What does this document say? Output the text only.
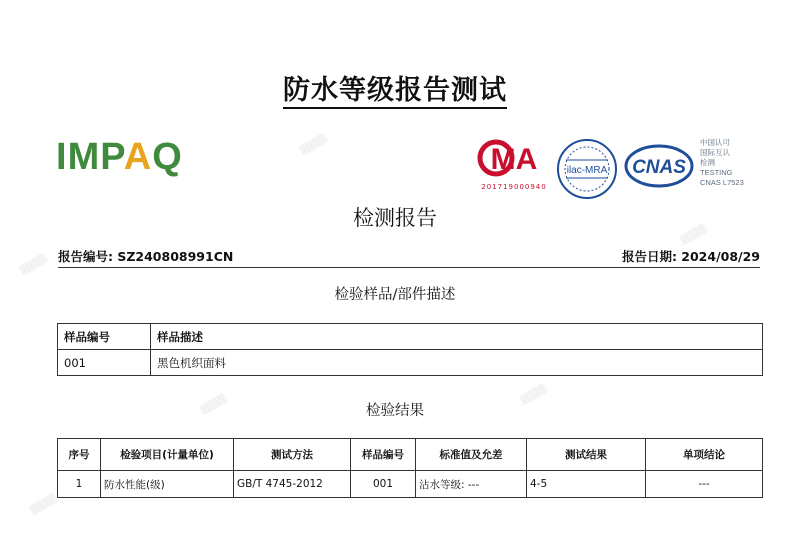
▒▒▒▒
▒▒▒▒
▒▒▒▒
▒▒▒▒	▒▒▒▒
▒▒▒▒
防水等级报告测试
IMPAQ	MA
201719000940
ilac-MRA CNAS
中国认可
国际互认
检测
TESTING
CNAS L7523
检测报告
报告编号: SZ240808991CN	报告日期: 2024/08/29
检验样品/部件描述
样品编号	样品描述
001	黑色机织面料
检验结果
序号	检验项目(计量单位)	测试方法	样品编号	标准值及允差	测试结果	单项结论
1	防水性能(级)	GB/T 4745-2012	001	沾水等级: ---	4-5	---
